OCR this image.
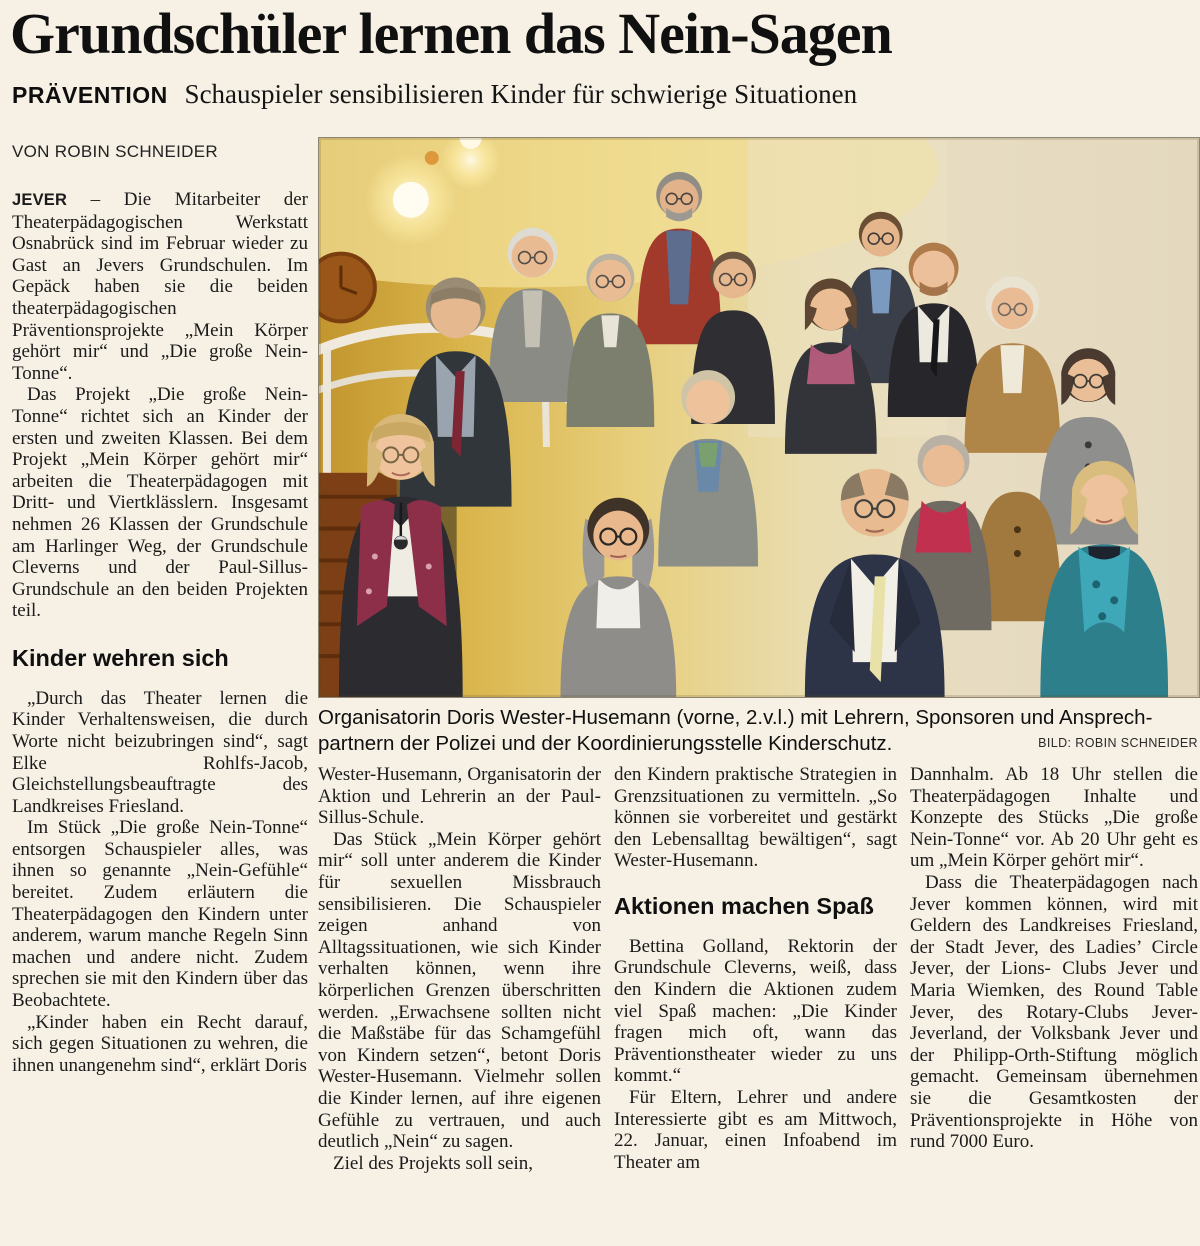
Grundschüler lernen das Nein-Sagen
PRÄVENTION Schauspieler sensibilisieren Kinder für schwierige Situationen

VON ROBIN SCHNEIDER

JEVER – Die Mitarbeiter der Theaterpädagogischen Werkstatt Osnabrück sind im Februar wieder zu Gast an Jevers Grundschulen. Im Gepäck haben sie die beiden theaterpädagogischen Präventionsprojekte „Mein Körper gehört mir“ und „Die große Nein-Tonne“.

Das Projekt „Die große Nein-Tonne“ richtet sich an Kinder der ersten und zweiten Klassen. Bei dem Projekt „Mein Körper gehört mir“ arbeiten die Theaterpädagogen mit Dritt- und Viertklässlern. Insgesamt nehmen 26 Klassen der Grundschule am Harlinger Weg, der Grundschule Cleverns und der Paul-Sillus-Grundschule an den beiden Projekten teil.

Kinder wehren sich

„Durch das Theater lernen die Kinder Verhaltensweisen, die durch Worte nicht beizubringen sind“, sagt Elke Rohlfs-Jacob, Gleichstellungsbeauftragte des Landkreises Friesland.

Im Stück „Die große Nein-Tonne“ entsorgen Schauspieler alles, was ihnen so genannte „Nein-Gefühle“ bereitet. Zudem erläutern die Theaterpädagogen den Kindern unter anderem, warum manche Regeln Sinn machen und andere nicht. Zudem sprechen sie mit den Kindern über das Beobachtete.

„Kinder haben ein Recht darauf, sich gegen Situationen zu wehren, die ihnen unangenehm sind“, erklärt Doris

Organisatorin Doris Wester-Husemann (vorne, 2.v.l.) mit Lehrern, Sponsoren und Ansprech-
partnern der Polizei und der Koordinierungsstelle Kinderschutz.	BILD: ROBIN SCHNEIDER

Wester-Husemann, Organisatorin der Aktion und Lehrerin an der Paul-Sillus-Schule.

Das Stück „Mein Körper gehört mir“ soll unter anderem die Kinder für sexuellen Missbrauch sensibilisieren. Die Schauspieler zeigen anhand von Alltagssituationen, wie sich Kinder verhalten können, wenn ihre körperlichen Grenzen überschritten werden. „Erwachsene sollten nicht die Maßstäbe für das Schamgefühl von Kindern setzen“, betont Doris Wester-Husemann. Vielmehr sollen die Kinder lernen, auf ihre eigenen Gefühle zu vertrauen, und auch deutlich „Nein“ zu sagen.

Ziel des Projekts soll sein,

den Kindern praktische Strategien in Grenzsituationen zu vermitteln. „So können sie vorbereitet und gestärkt den Lebensalltag bewältigen“, sagt Wester-Husemann.

Aktionen machen Spaß

Bettina Golland, Rektorin der Grundschule Cleverns, weiß, dass den Kindern die Aktionen zudem viel Spaß machen: „Die Kinder fragen mich oft, wann das Präventionstheater wieder zu uns kommt.“

Für Eltern, Lehrer und andere Interessierte gibt es am Mittwoch, 22. Januar, einen Infoabend im Theater am

Dannhalm. Ab 18 Uhr stellen die Theaterpädagogen Inhalte und Konzepte des Stücks „Die große Nein-Tonne“ vor. Ab 20 Uhr geht es um „Mein Körper gehört mir“.

Dass die Theaterpädagogen nach Jever kommen können, wird mit Geldern des Landkreises Friesland, der Stadt Jever, des Ladies’ Circle Jever, der Lions- Clubs Jever und Maria Wiemken, des Round Table Jever, des Rotary-Clubs Jever-Jeverland, der Volksbank Jever und der Philipp-Orth-Stiftung möglich gemacht. Gemeinsam übernehmen sie die Gesamtkosten der Präventionsprojekte in Höhe von rund 7000 Euro.
